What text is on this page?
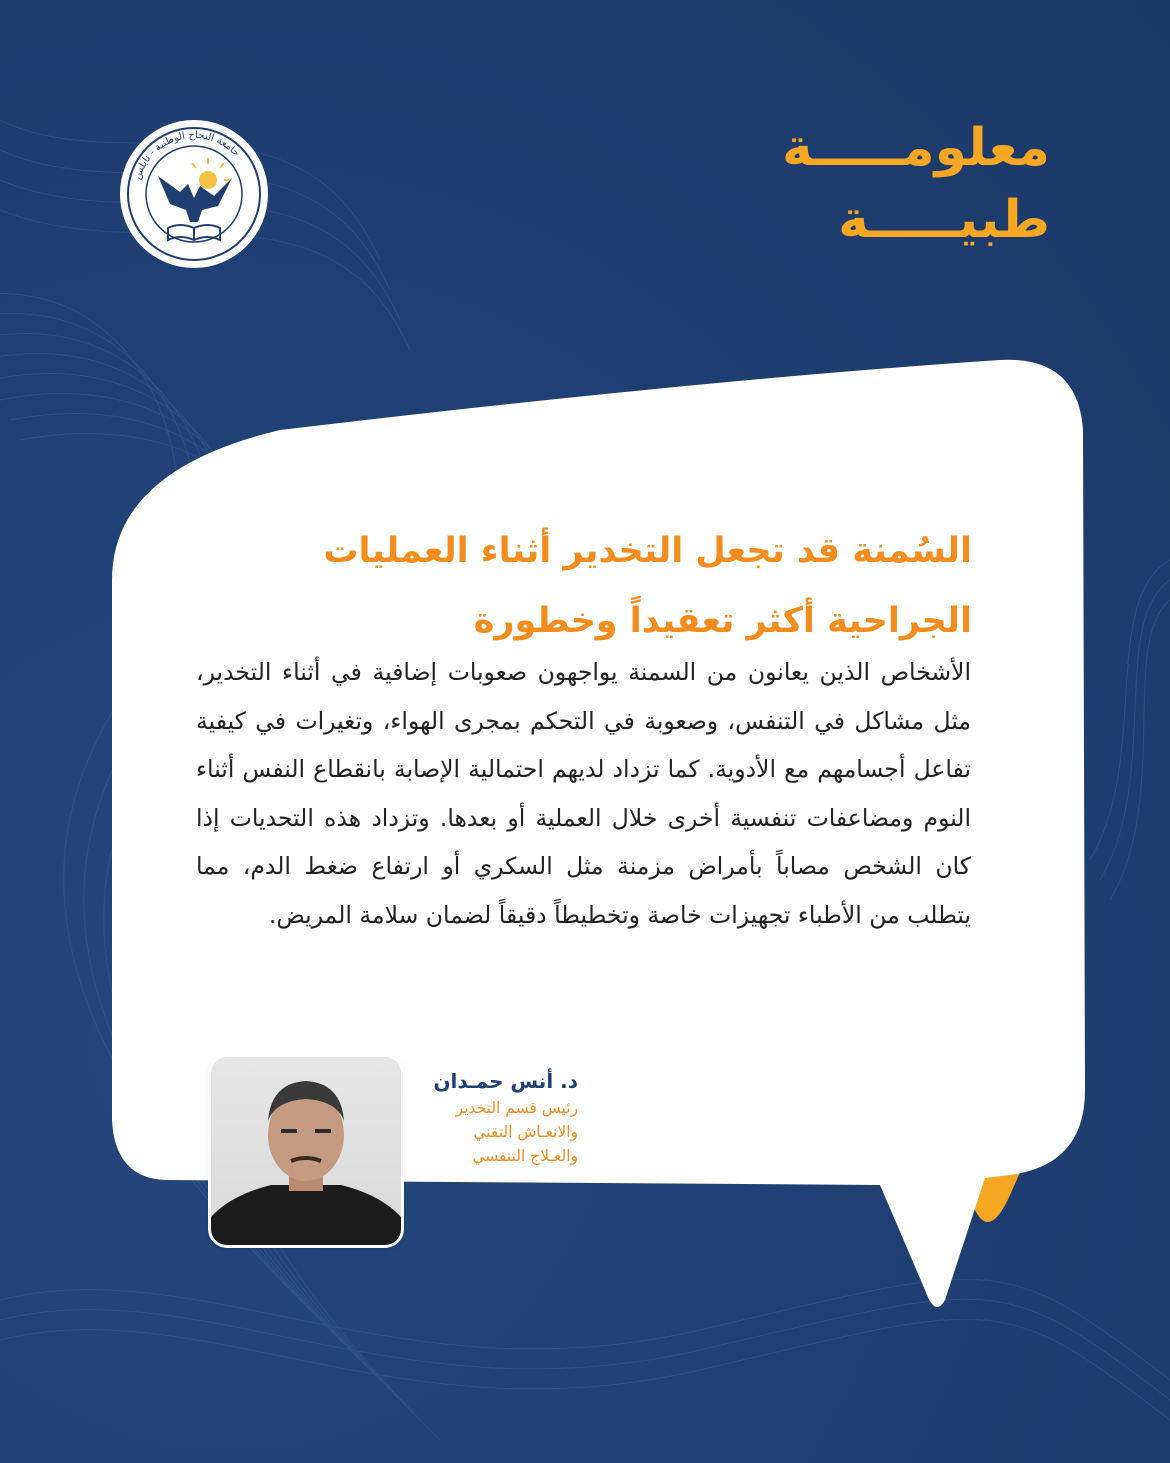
جامعة النجاح الوطنية - نابلس	معلومـــــة
طبيـــــة
السُمنة قد تجعل التخدير أثناء العمليات
الجراحية أكثر تعقيداً وخطورة
الأشخاص الذين يعانون من السمنة يواجهون صعوبات إضافية في أثناء التخدير، مثل مشاكل في التنفس، وصعوبة في التحكم بمجرى الهواء، وتغيرات في كيفية تفاعل أجسامهم مع الأدوية. كما تزداد لديهم احتمالية الإصابة بانقطاع النفس أثناء النوم ومضاعفات تنفسية أخرى خلال العملية أو بعدها. وتزداد هذه التحديات إذا كان الشخص مصاباً بأمراض مزمنة مثل السكري أو ارتفاع ضغط الدم، مما يتطلب من الأطباء تجهيزات خاصة وتخطيطاً دقيقاً لضمان سلامة المريض.
د. أنس حمـدان
رئيس قسم التخدير
والانعـاش التقني
والعـلاج التنفسي
